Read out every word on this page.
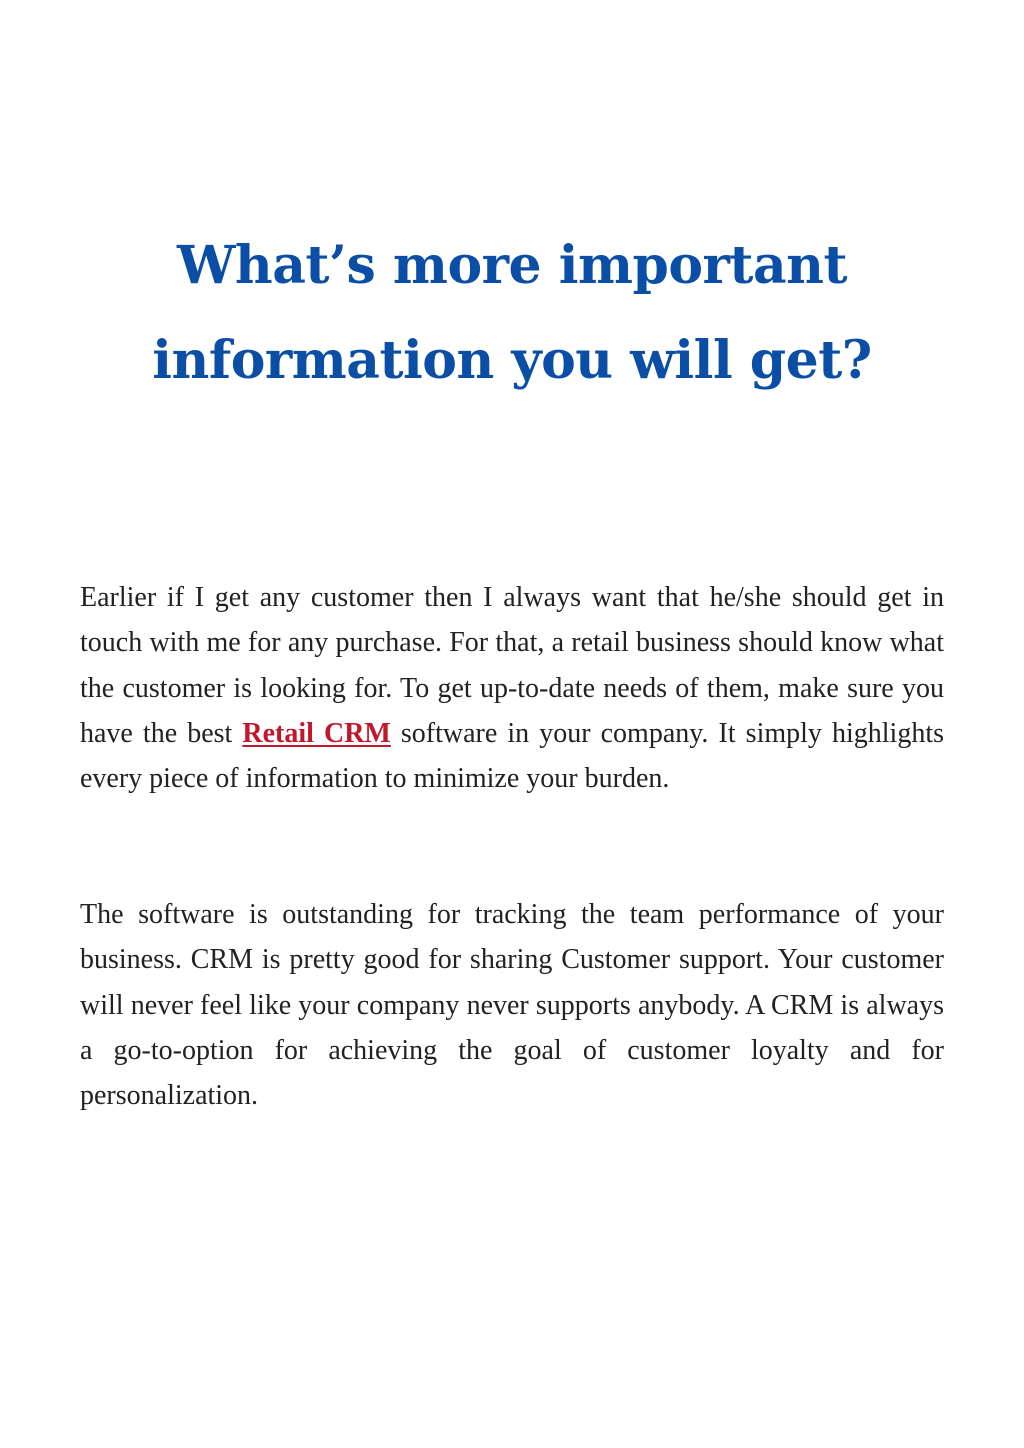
What’s more important
information you will get?

Earlier if I get any customer then I always want that he/she should get in touch with me for any purchase. For that, a retail business should know what the customer is looking for. To get up-to-date needs of them, make sure you have the best Retail CRM software in your company. It simply highlights every piece of information to minimize your burden.

The software is outstanding for tracking the team performance of your business. CRM is pretty good for sharing Customer support. Your customer will never feel like your company never supports anybody. A CRM is always a go-to-option for achieving the goal of customer loyalty and for personalization.
